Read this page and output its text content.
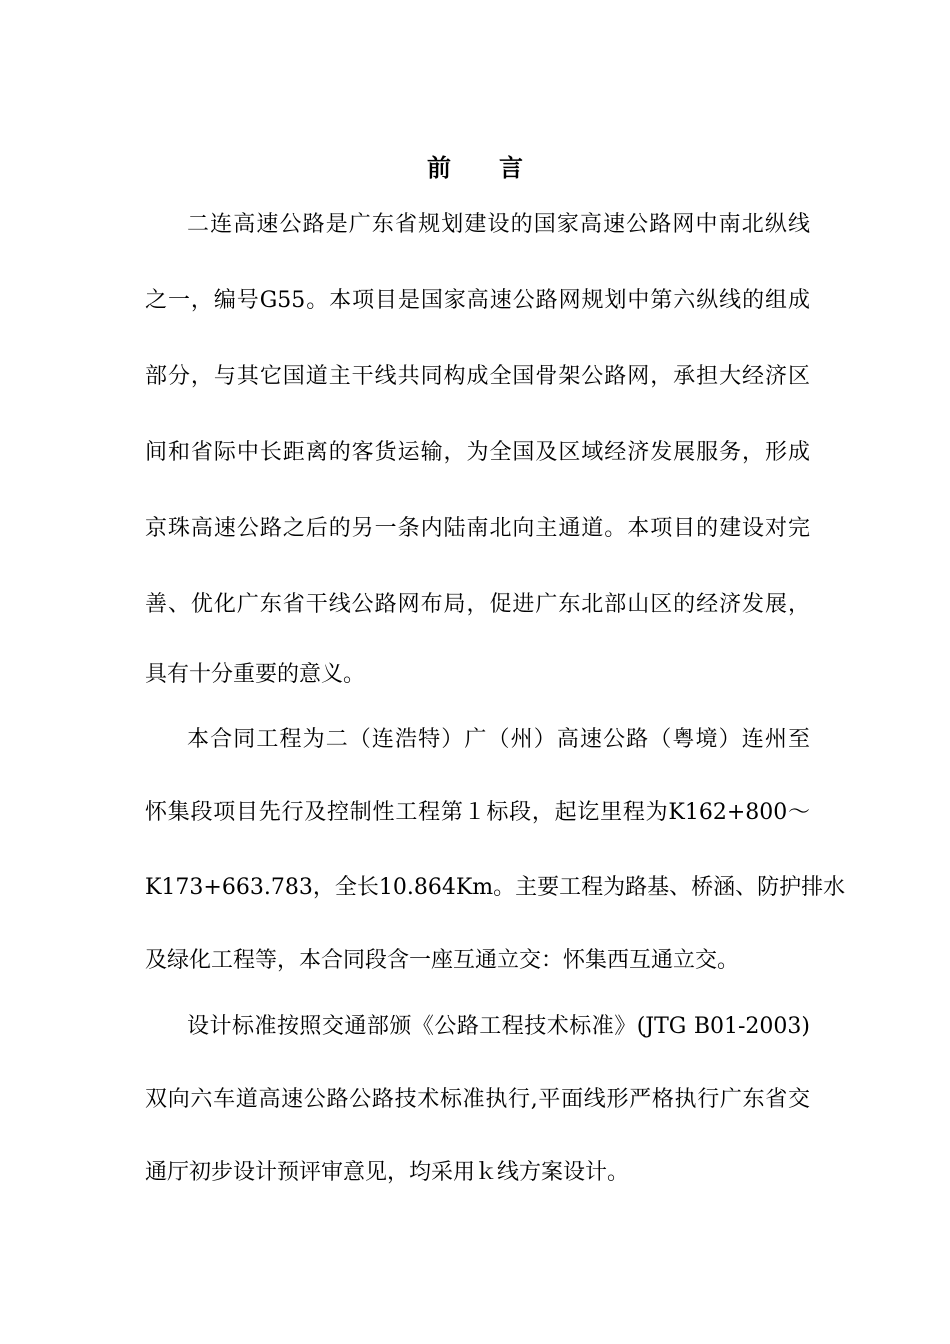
前　　言
二连高速公路是广东省规划建设的国家高速公路网中南北纵线
之一，编号G55。本项目是国家高速公路网规划中第六纵线的组成
部分，与其它国道主干线共同构成全国骨架公路网，承担大经济区
间和省际中长距离的客货运输，为全国及区域经济发展服务，形成
京珠高速公路之后的另一条内陆南北向主通道。本项目的建设对完
善、优化广东省干线公路网布局，促进广东北部山区的经济发展，
具有十分重要的意义。
本合同工程为二（连浩特）广（州）高速公路（粤境）连州至
怀集段项目先行及控制性工程第１标段，起讫里程为K162+800～
K173+663.783，全长10.864Km。主要工程为路基、桥涵、防护排水
及绿化工程等，本合同段含一座互通立交：怀集西互通立交。
设计标准按照交通部颁《公路工程技术标准》(JTG B01-2003)
双向六车道高速公路公路技术标准执行,平面线形严格执行广东省交
通厅初步设计预评审意见，均采用ｋ线方案设计。
